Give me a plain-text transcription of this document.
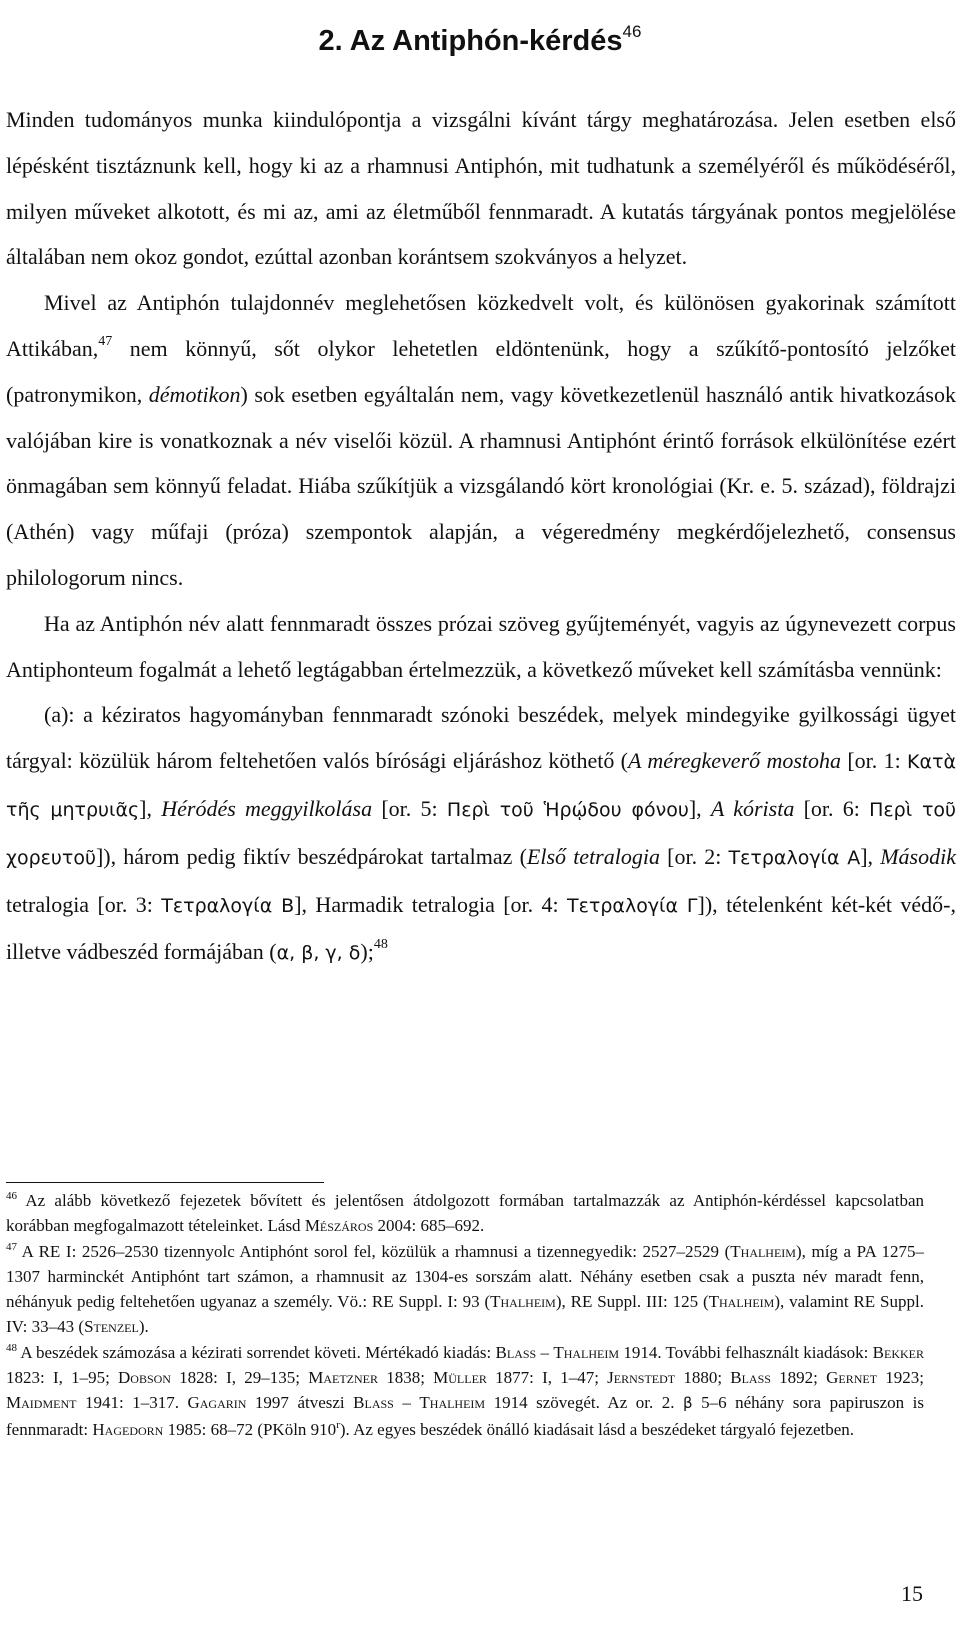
2. Az Antiphón-kérdés$^{46}$

Minden tudományos munka kiindulópontja a vizsgálni kívánt tárgy meghatározása. Jelen esetben első lépésként tisztáznunk kell, hogy ki az a rhamnusi Antiphón, mit tudhatunk a személyéről és működéséről, milyen műveket alkotott, és mi az, ami az életműből fennmaradt. A kutatás tárgyának pontos megjelölése általában nem okoz gondot, ezúttal azonban korántsem szokványos a helyzet.

Mivel az Antiphón tulajdonnév meglehetősen közkedvelt volt, és különösen gyakorinak számított Attikában,$^{47}$ nem könnyű, sőt olykor lehetetlen eldöntenünk, hogy a szűkítő-pontosító jelzőket (patronymikon, démotikon) sok esetben egyáltalán nem, vagy következetlenül használó antik hivatkozások valójában kire is vonatkoznak a név viselői közül. A rhamnusi Antiphónt érintő források elkülönítése ezért önmagában sem könnyű feladat. Hiába szűkítjük a vizsgálandó kört kronológiai (Kr. e. 5. század), földrajzi (Athén) vagy műfaji (próza) szempontok alapján, a végeredmény megkérdőjelezhető, consensus philologorum nincs.

Ha az Antiphón név alatt fennmaradt összes prózai szöveg gyűjteményét, vagyis az úgynevezett corpus Antiphonteum fogalmát a lehető legtágabban értelmezzük, a következő műveket kell számításba vennünk:

(a): a kéziratos hagyományban fennmaradt szónoki beszédek, melyek mindegyike gyilkossági ügyet tárgyal: közülük három feltehetően valós bírósági eljáráshoz köthető (A méregkeverő mostoha [or. 1: Κατὰ τῆς μητρυιᾶς], Héródés meggyilkolása [or. 5: Περὶ τοῦ Ἡρῴδου φόνου], A kórista [or. 6: Περὶ τοῦ χορευτοῦ]), három pedig fiktív beszédpárokat tartalmaz (Első tetralogia [or. 2: Τετραλογία Α], Második tetralogia [or. 3: Τετραλογία Β], Harmadik tetralogia [or. 4: Τετραλογία Γ]), tételenként két-két védő-, illetve vádbeszéd formájában (α, β, γ, δ);$^{48}$

$^{46}$ Az alább következő fejezetek bővített és jelentősen átdolgozott formában tartalmazzák az Antiphón-kérdéssel kapcsolatban korábban megfogalmazott tételeinket. Lásd Mészáros 2004: 685–692.

$^{47}$ A RE I: 2526–2530 tizennyolc Antiphónt sorol fel, közülük a rhamnusi a tizennegyedik: 2527–2529 (Thalheim), míg a PA 1275–1307 harminckét Antiphónt tart számon, a rhamnusit az 1304-es sorszám alatt. Néhány esetben csak a puszta név maradt fenn, néhányuk pedig feltehetően ugyanaz a személy. Vö.: RE Suppl. I: 93 (Thalheim), RE Suppl. III: 125 (Thalheim), valamint RE Suppl. IV: 33–43 (Stenzel).

$^{48}$ A beszédek számozása a kézirati sorrendet követi. Mértékadó kiadás: Blass – Thalheim 1914. További felhasznált kiadások: Bekker 1823: I, 1–95; Dobson 1828: I, 29–135; Maetzner 1838; Müller 1877: I, 1–47; Jernstedt 1880; Blass 1892; Gernet 1923; Maidment 1941: 1–317. Gagarin 1997 átveszi Blass – Thalheim 1914 szövegét. Az or. 2. β 5–6 néhány sora papiruszon is fennmaradt: Hagedorn 1985: 68–72 (PKöln 910$^r$). Az egyes beszédek önálló kiadásait lásd a beszédeket tárgyaló fejezetben.

15
